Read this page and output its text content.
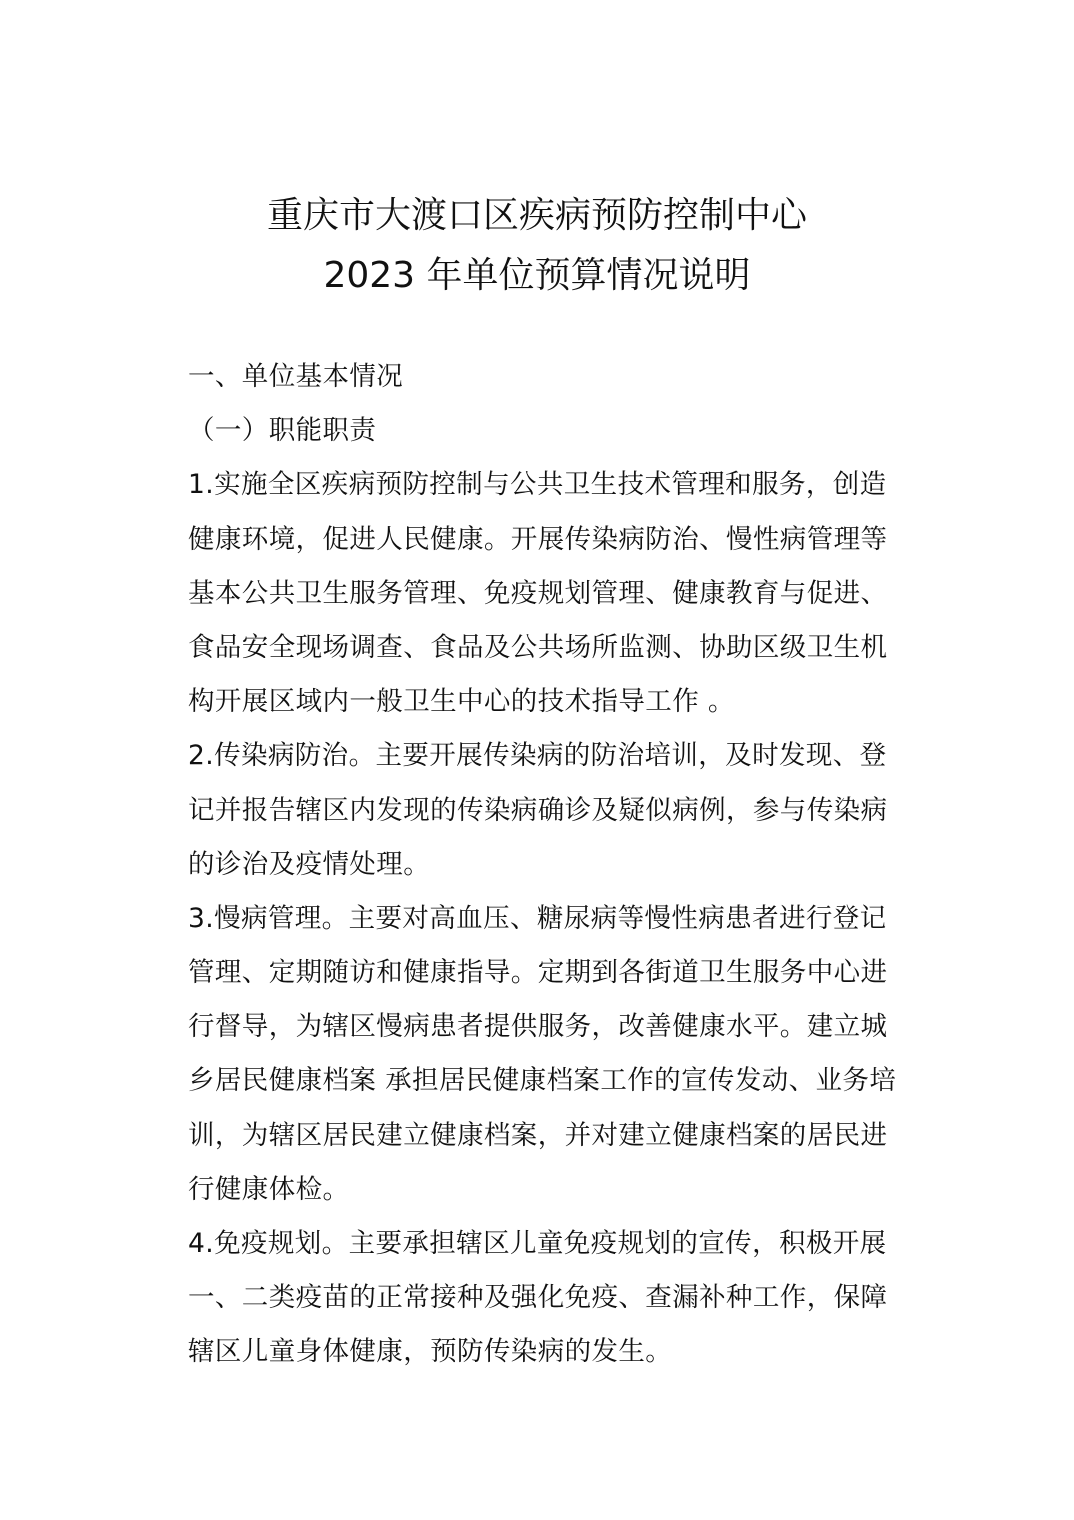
重庆市大渡口区疾病预防控制中心
2023 年单位预算情况说明
一、单位基本情况
（一）职能职责
1.实施全区疾病预防控制与公共卫生技术管理和服务，创造
健康环境，促进人民健康。开展传染病防治、慢性病管理等
基本公共卫生服务管理、免疫规划管理、健康教育与促进、
食品安全现场调查、食品及公共场所监测、协助区级卫生机
构开展区域内一般卫生中心的技术指导工作 。
2.传染病防治。主要开展传染病的防治培训，及时发现、登
记并报告辖区内发现的传染病确诊及疑似病例，参与传染病
的诊治及疫情处理。
3.慢病管理。主要对高血压、糖尿病等慢性病患者进行登记
管理、定期随访和健康指导。定期到各街道卫生服务中心进
行督导，为辖区慢病患者提供服务，改善健康水平。建立城
乡居民健康档案 承担居民健康档案工作的宣传发动、业务培
训，为辖区居民建立健康档案，并对建立健康档案的居民进
行健康体检。
4.免疫规划。主要承担辖区儿童免疫规划的宣传，积极开展
一、二类疫苗的正常接种及强化免疫、查漏补种工作，保障
辖区儿童身体健康，预防传染病的发生。
